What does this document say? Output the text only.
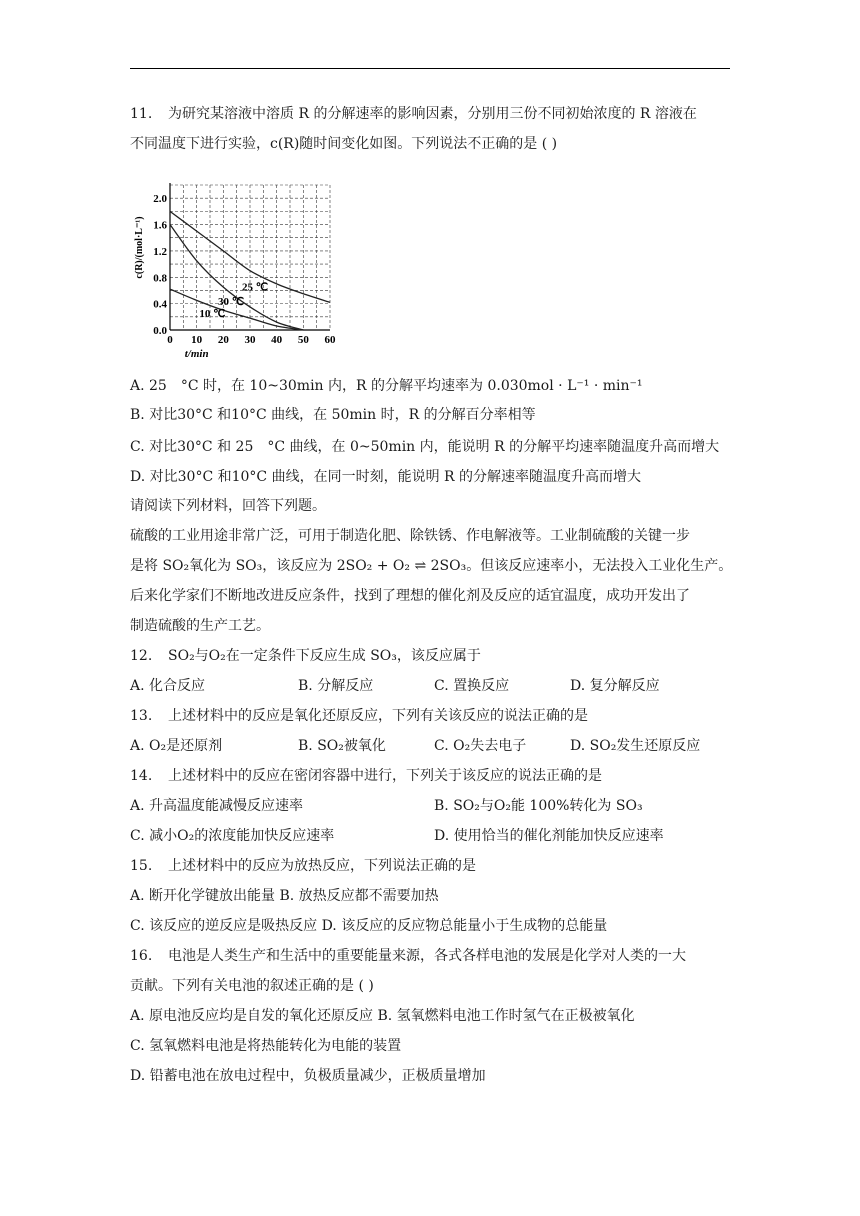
11. 为研究某溶液中溶质 R 的分解速率的影响因素，分别用三份不同初始浓度的 R 溶液在
不同温度下进行实验，c(R)随时间变化如图。下列说法不正确的是 ( )
0 10 20 30 40 50 60
0.0
0.4
0.8
1.2
1.6
2.0
t/min
c(R)/(mol·L⁻¹)
25 ℃
30 ℃
10 ℃
A. 25　°C 时，在 10~30min 内，R 的分解平均速率为 0.030mol · L⁻¹ · min⁻¹
B. 对比30°C 和10°C 曲线，在 50min 时，R 的分解百分率相等
C. 对比30°C 和 25　°C 曲线，在 0~50min 内，能说明 R 的分解平均速率随温度升高而增大
D. 对比30°C 和10°C 曲线，在同一时刻，能说明 R 的分解速率随温度升高而增大
请阅读下列材料，回答下列题。
硫酸的工业用途非常广泛，可用于制造化肥、除铁锈、作电解液等。工业制硫酸的关键一步
是将 SO₂氧化为 SO₃，该反应为 2SO₂ + O₂ ⇌ 2SO₃。但该反应速率小，无法投入工业化生产。
后来化学家们不断地改进反应条件，找到了理想的催化剂及反应的适宜温度，成功开发出了
制造硫酸的生产工艺。
12. SO₂与O₂在一定条件下反应生成 SO₃，该反应属于
A. 化合反应	B. 分解反应	C. 置换反应	D. 复分解反应
13. 上述材料中的反应是氧化还原反应，下列有关该反应的说法正确的是
A. O₂是还原剂	B. SO₂被氧化	C. O₂失去电子	D. SO₂发生还原反应
14. 上述材料中的反应在密闭容器中进行，下列关于该反应的说法正确的是
A. 升高温度能减慢反应速率	B. SO₂与O₂能 100%转化为 SO₃
C. 减小O₂的浓度能加快反应速率	D. 使用恰当的催化剂能加快反应速率
15. 上述材料中的反应为放热反应，下列说法正确的是
A. 断开化学键放出能量 B. 放热反应都不需要加热
C. 该反应的逆反应是吸热反应 D. 该反应的反应物总能量小于生成物的总能量
16. 电池是人类生产和生活中的重要能量来源，各式各样电池的发展是化学对人类的一大
贡献。下列有关电池的叙述正确的是 ( )
A. 原电池反应均是自发的氧化还原反应 B. 氢氧燃料电池工作时氢气在正极被氧化
C. 氢氧燃料电池是将热能转化为电能的装置
D. 铅蓄电池在放电过程中，负极质量减少，正极质量增加
